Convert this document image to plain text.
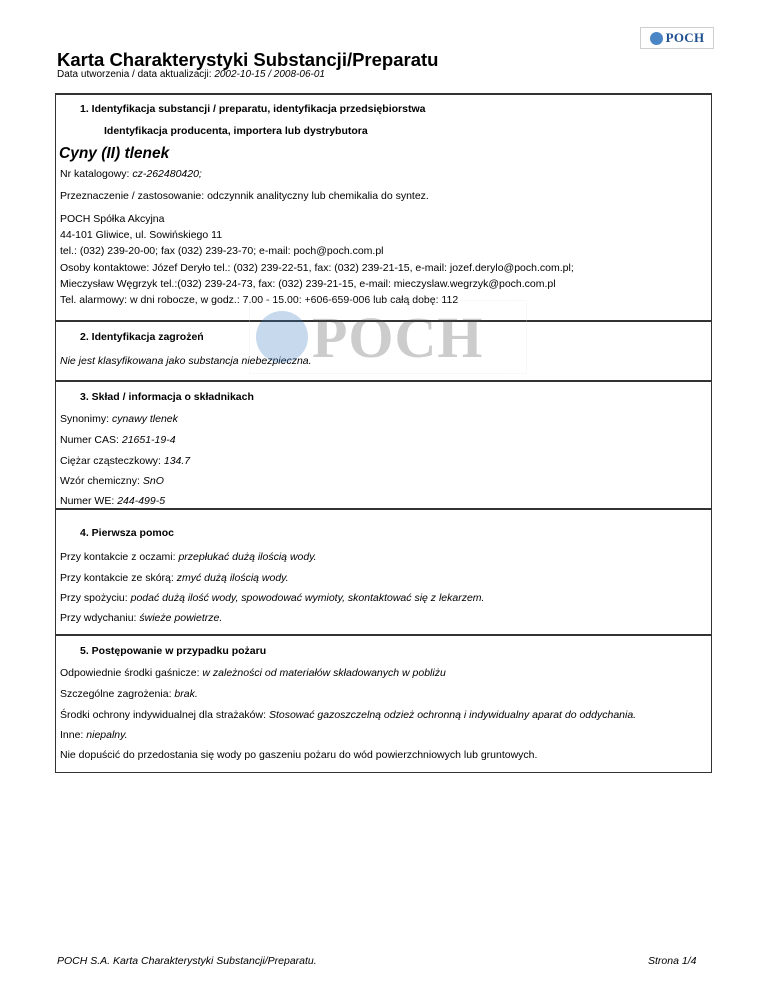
POCH
Karta Charakterystyki Substancji/Preparatu
Data utworzenia / data aktualizacji: 2002-10-15 / 2008-06-01
1. Identyfikacja substancji / preparatu, identyfikacja przedsiębiorstwa
Identyfikacja producenta, importera lub dystrybutora
Cyny (II) tlenek
Nr katalogowy: cz-262480420;
Przeznaczenie / zastosowanie: odczynnik analityczny lub chemikalia do syntez.
POCH Spółka Akcyjna
44-101 Gliwice, ul. Sowińskiego 11
tel.: (032) 239-20-00; fax (032) 239-23-70; e-mail: poch@poch.com.pl
Osoby kontaktowe: Józef Deryło tel.: (032) 239-22-51, fax: (032) 239-21-15, e-mail: jozef.derylo@poch.com.pl;
Mieczysław Węgrzyk tel.:(032) 239-24-73, fax: (032) 239-21-15, e-mail: mieczyslaw.wegrzyk@poch.com.pl
Tel. alarmowy: w dni robocze, w godz.: 7.00 - 15.00: +606-659-006 lub całą dobę: 112
2. Identyfikacja zagrożeń
Nie jest klasyfikowana jako substancja niebezpieczna.
3. Skład / informacja o składnikach
Synonimy: cynawy tlenek
Numer CAS: 21651-19-4
Ciężar cząsteczkowy: 134.7
Wzór chemiczny: SnO
Numer WE: 244-499-5
4. Pierwsza pomoc
Przy kontakcie z oczami: przepłukać dużą ilością wody.
Przy kontakcie ze skórą: zmyć dużą ilością wody.
Przy spożyciu: podać dużą ilość wody, spowodować wymioty, skontaktować się z lekarzem.
Przy wdychaniu: świeże powietrze.
5. Postępowanie w przypadku pożaru
Odpowiednie środki gaśnicze: w zależności od materiałów składowanych w pobliżu
Szczególne zagrożenia: brak.
Środki ochrony indywidualnej dla strażaków: Stosować gazoszczelną odzież ochronną i indywidualny aparat do oddychania.
Inne: niepalny.
Nie dopuścić do przedostania się wody po gaszeniu pożaru do wód powierzchniowych lub gruntowych.
POCH
POCH S.A. Karta Charakterystyki Substancji/Preparatu.	Strona 1/4
